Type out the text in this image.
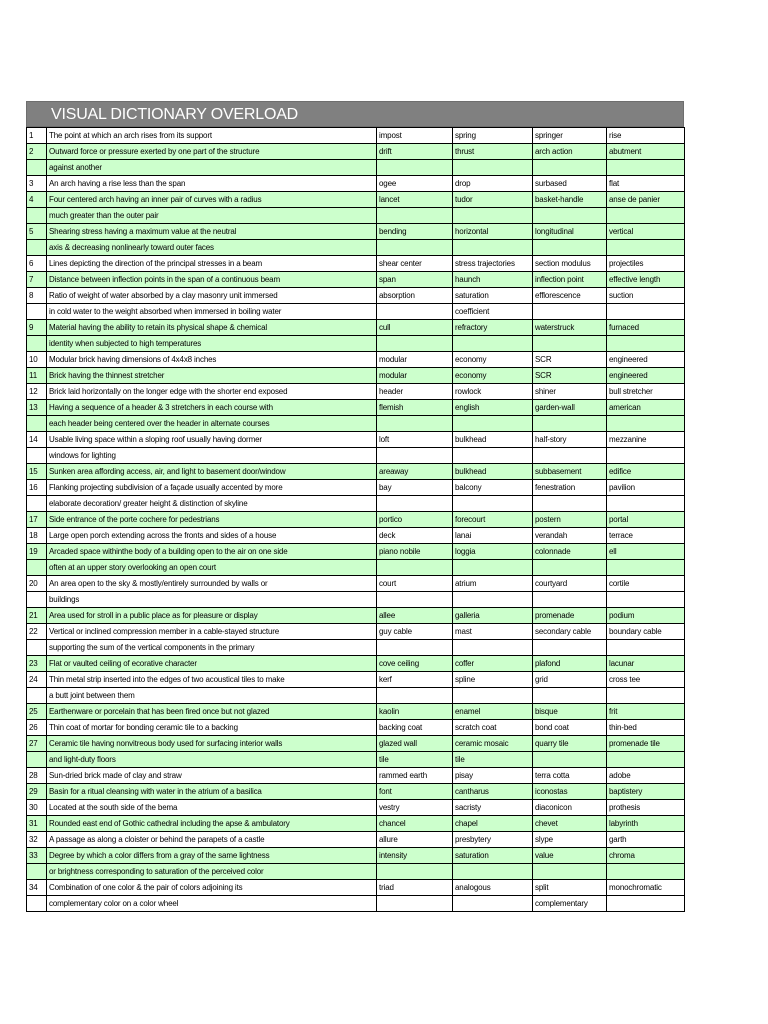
VISUAL DICTIONARY OVERLOAD
1	The point at which an arch rises from its support	impost	spring	springer	rise
2	Outward force or pressure exerted by one part of the structure	drift	thrust	arch action	abutment
	against another				
3	An arch having a rise less than the span	ogee	drop	surbased	flat
4	Four centered arch having an inner pair of curves with a radius	lancet	tudor	basket-handle	anse de panier
	much greater than the outer pair				
5	Shearing stress having a maximum value at the neutral	bending	horizontal	longitudinal	vertical
	axis & decreasing nonlinearly toward outer faces				
6	Lines depicting the direction of the principal stresses in a beam	shear center	stress trajectories	section modulus	projectiles
7	Distance between inflection points in the span of a continuous beam	span	haunch	inflection point	effective length
8	Ratio of weight of water absorbed by a clay masonry unit immersed	absorption	saturation	efflorescence	suction
	in cold water to the weight absorbed when immersed in boiling water		coefficient		
9	Material having the ability to retain its physical shape & chemical	cull	refractory	waterstruck	furnaced
	identity when subjected to high temperatures				
10	Modular brick having dimensions of 4x4x8 inches	modular	economy	SCR	engineered
11	Brick having the thinnest stretcher	modular	economy	SCR	engineered
12	Brick laid horizontally on the longer edge with the shorter end exposed	header	rowlock	shiner	bull stretcher
13	Having a sequence of a header & 3 stretchers in each course with	flemish	english	garden-wall	american
	each header being centered over the header in alternate courses				
14	Usable living space within a sloping roof usually having dormer	loft	bulkhead	half-story	mezzanine
	windows for lighting				
15	Sunken area affording access, air, and light to basement door/window	areaway	bulkhead	subbasement	edifice
16	Flanking projecting subdivision of a façade usually accented by more	bay	balcony	fenestration	pavilion
	elaborate decoration/ greater height & distinction of skyline				
17	Side entrance of the porte cochere for pedestrians	portico	forecourt	postern	portal
18	Large open porch extending across the fronts and sides of a house	deck	lanai	verandah	terrace
19	Arcaded space withinthe body of a building open to the air on one side	piano nobile	loggia	colonnade	ell
	often at an upper story overlooking an open court				
20	An area open to the sky & mostly/entirely surrounded by walls or	court	atrium	courtyard	cortile
	buildings				
21	Area used for stroll in a public place as for pleasure or display	allee	galleria	promenade	podium
22	Vertical or inclined compression member in a cable-stayed structure	guy cable	mast	secondary cable	boundary cable
	supporting the sum of the vertical components in the primary				
23	Flat or vaulted ceiling of ecorative character	cove ceiling	coffer	plafond	lacunar
24	Thin metal strip inserted into the edges of two acoustical tiles to make	kerf	spline	grid	cross tee
	a butt joint between them				
25	Earthenware or porcelain that has been fired once but not glazed	kaolin	enamel	bisque	frit
26	Thin coat of mortar for bonding ceramic tile to a backing	backing coat	scratch coat	bond coat	thin-bed
27	Ceramic tile having nonvitreous body used for surfacing interior walls	glazed wall	ceramic mosaic	quarry tile	promenade tile
	and light-duty floors	tile	tile		
28	Sun-dried brick made of clay and straw	rammed earth	pisay	terra cotta	adobe
29	Basin for a ritual cleansing with water in the atrium of a basilica	font	cantharus	iconostas	baptistery
30	Located at the south side of the bema	vestry	sacristy	diaconicon	prothesis
31	Rounded east end of Gothic cathedral including the apse & ambulatory	chancel	chapel	chevet	labyrinth
32	A passage as along a cloister or behind the parapets of a castle	allure	presbytery	slype	garth
33	Degree by which a color differs from a gray of the same lightness	intensity	saturation	value	chroma
	or brightness corresponding to saturation of the perceived color				
34	Combination of one color & the pair of colors adjoining its	triad	analogous	split	monochromatic
	complementary color on a color wheel			complementary	
